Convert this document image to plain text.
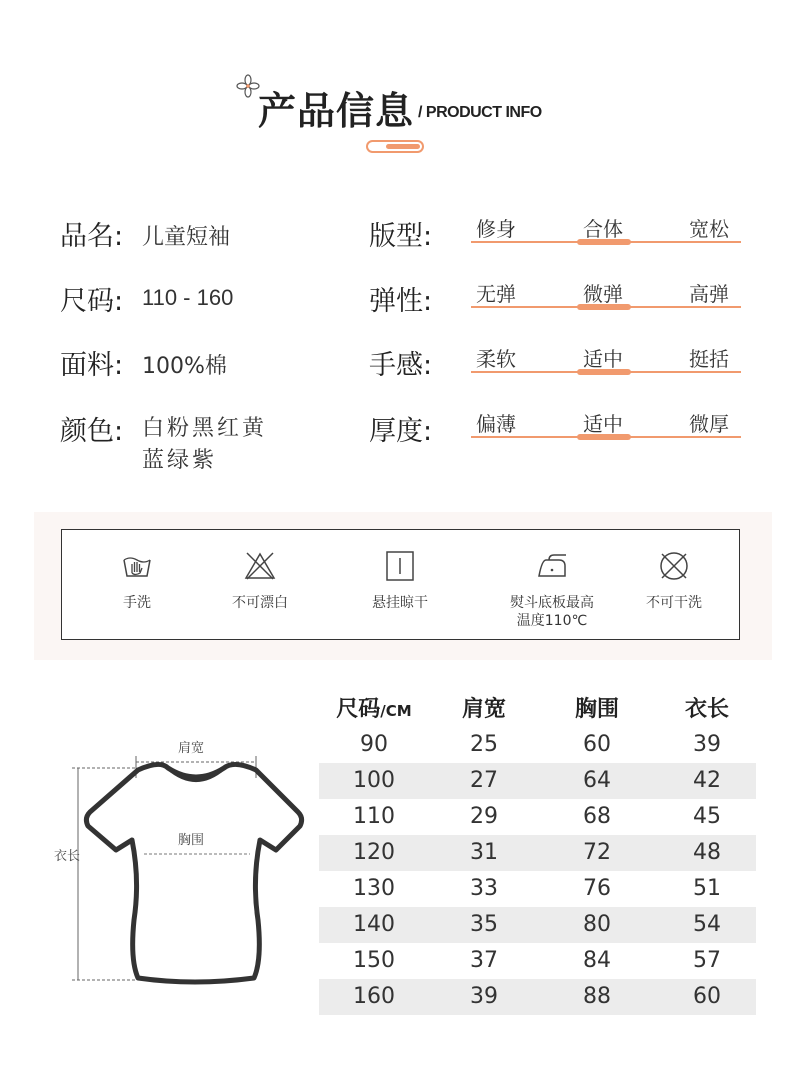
产品信息 / PRODUCT INFO
品名: 儿童短袖
尺码: 110 - 160
面料: 100%棉
颜色: 白粉黑红黄
蓝绿紫
版型: 修身	合体	宽松
弹性: 无弹	微弹	高弹
手感: 柔软	适中	挺括
厚度: 偏薄	适中	微厚
手洗	不可漂白	悬挂晾干	熨斗底板最高
温度110℃
不可干洗
尺码/CM	肩宽	胸围	衣长
90	25	60	39
100	27	64	42
110	29	68	45
120	31	72	48
130	33	76	51
140	35	80	54
150	37	84	57
160	39	88	60
肩宽
衣长
胸围
